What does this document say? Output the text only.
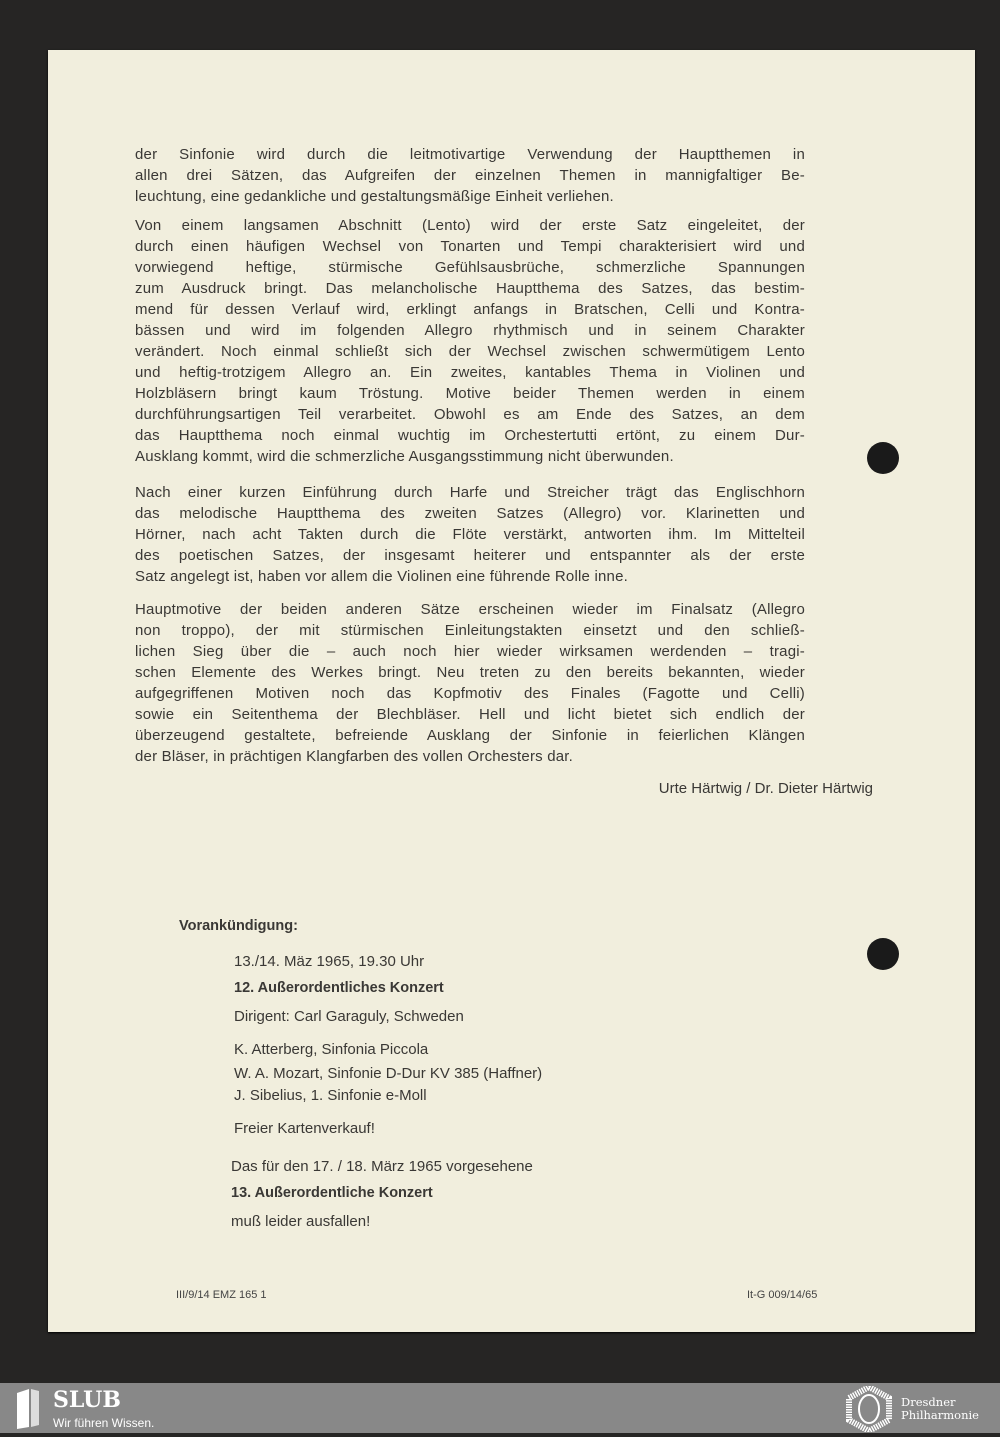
der Sinfonie wird durch die leitmotivartige Verwendung der Hauptthemen in
allen drei Sätzen, das Aufgreifen der einzelnen Themen in mannigfaltiger Be-
leuchtung, eine gedankliche und gestaltungsmäßige Einheit verliehen.
Von einem langsamen Abschnitt (Lento) wird der erste Satz eingeleitet, der
durch einen häufigen Wechsel von Tonarten und Tempi charakterisiert wird und
vorwiegend heftige, stürmische Gefühlsausbrüche, schmerzliche Spannungen
zum Ausdruck bringt. Das melancholische Hauptthema des Satzes, das bestim-
mend für dessen Verlauf wird, erklingt anfangs in Bratschen, Celli und Kontra-
bässen und wird im folgenden Allegro rhythmisch und in seinem Charakter
verändert. Noch einmal schließt sich der Wechsel zwischen schwermütigem Lento
und heftig-trotzigem Allegro an. Ein zweites, kantables Thema in Violinen und
Holzbläsern bringt kaum Tröstung. Motive beider Themen werden in einem
durchführungsartigen Teil verarbeitet. Obwohl es am Ende des Satzes, an dem
das Hauptthema noch einmal wuchtig im Orchestertutti ertönt, zu einem Dur-
Ausklang kommt, wird die schmerzliche Ausgangsstimmung nicht überwunden.
Nach einer kurzen Einführung durch Harfe und Streicher trägt das Englischhorn
das melodische Hauptthema des zweiten Satzes (Allegro) vor. Klarinetten und
Hörner, nach acht Takten durch die Flöte verstärkt, antworten ihm. Im Mittelteil
des poetischen Satzes, der insgesamt heiterer und entspannter als der erste
Satz angelegt ist, haben vor allem die Violinen eine führende Rolle inne.
Hauptmotive der beiden anderen Sätze erscheinen wieder im Finalsatz (Allegro
non troppo), der mit stürmischen Einleitungstakten einsetzt und den schließ-
lichen Sieg über die – auch noch hier wieder wirksamen werdenden – tragi-
schen Elemente des Werkes bringt. Neu treten zu den bereits bekannten, wieder
aufgegriffenen Motiven noch das Kopfmotiv des Finales (Fagotte und Celli)
sowie ein Seitenthema der Blechbläser. Hell und licht bietet sich endlich der
überzeugend gestaltete, befreiende Ausklang der Sinfonie in feierlichen Klängen
der Bläser, in prächtigen Klangfarben des vollen Orchesters dar.
Urte Härtwig / Dr. Dieter Härtwig
Vorankündigung:
13./14. Mäz 1965, 19.30 Uhr
12. Außerordentliches Konzert
Dirigent: Carl Garaguly, Schweden
K. Atterberg, Sinfonia Piccola
W. A. Mozart, Sinfonie D-Dur KV 385 (Haffner)
J. Sibelius, 1. Sinfonie e-Moll
Freier Kartenverkauf!
Das für den 17. / 18. März 1965 vorgesehene
13. Außerordentliche Konzert
muß leider ausfallen!
III/9/14 EMZ 165 1	It-G 009/14/65
SLUB
Wir führen Wissen.
Dresdner
Philharmonie
